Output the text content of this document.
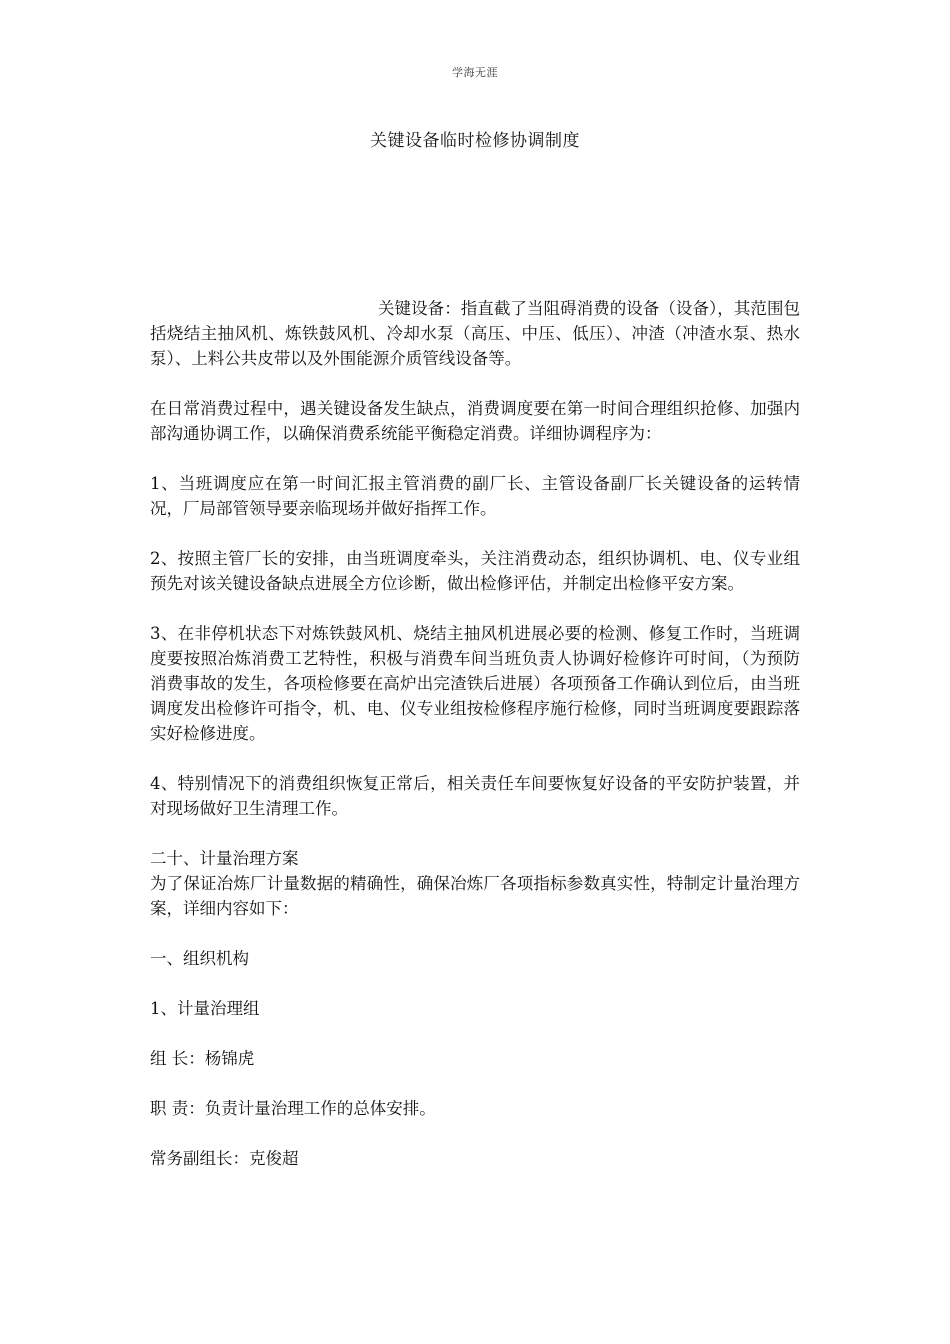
学海无涯
关键设备临时检修协调制度

关键设备：指直截了当阻碍消费的设备（设备），其范围包括烧结主抽风机、炼铁鼓风机、冷却水泵（高压、中压、低压）、冲渣（冲渣水泵、热水泵）、上料公共皮带以及外围能源介质管线设备等。

在日常消费过程中，遇关键设备发生缺点，消费调度要在第一时间合理组织抢修、加强内部沟通协调工作，以确保消费系统能平衡稳定消费。详细协调程序为：

1、当班调度应在第一时间汇报主管消费的副厂长、主管设备副厂长关键设备的运转情况，厂局部管领导要亲临现场并做好指挥工作。

2、按照主管厂长的安排，由当班调度牵头，关注消费动态，组织协调机、电、仪专业组预先对该关键设备缺点进展全方位诊断，做出检修评估，并制定出检修平安方案。

3、在非停机状态下对炼铁鼓风机、烧结主抽风机进展必要的检测、修复工作时，当班调度要按照冶炼消费工艺特性，积极与消费车间当班负责人协调好检修许可时间，（为预防消费事故的发生，各项检修要在高炉出完渣铁后进展）各项预备工作确认到位后，由当班调度发出检修许可指令，机、电、仪专业组按检修程序施行检修，同时当班调度要跟踪落实好检修进度。

4、特别情况下的消费组织恢复正常后，相关责任车间要恢复好设备的平安防护装置，并对现场做好卫生清理工作。

二十、计量治理方案

为了保证冶炼厂计量数据的精确性，确保冶炼厂各项指标参数真实性，特制定计量治理方案，详细内容如下：

一、组织机构

1、计量治理组

组 长：杨锦虎

职 责：负责计量治理工作的总体安排。

常务副组长：克俊超
